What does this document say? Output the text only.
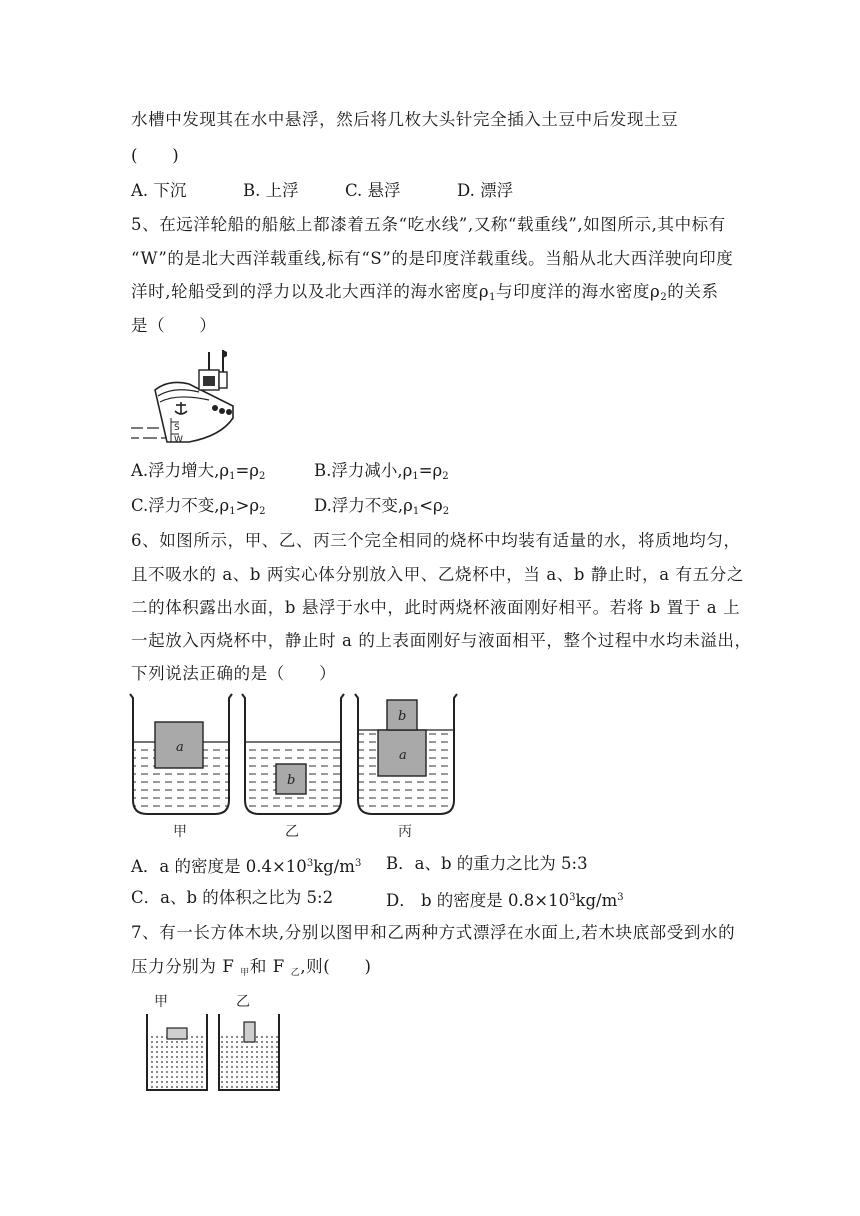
水槽中发现其在水中悬浮，然后将几枚大头针完全插入土豆中后发现土豆
(　　)
A. 下沉	B. 上浮	C. 悬浮	D. 漂浮
5、在远洋轮船的船舷上都漆着五条“吃水线”,又称“载重线”,如图所示,其中标有
“W”的是北大西洋载重线,标有“S”的是印度洋载重线。当船从北大西洋驶向印度
洋时,轮船受到的浮力以及北大西洋的海水密度$\rho_1$与印度洋的海水密度$\rho_2$的关系
是（　　）
S
W
A.浮力增大$,\rho_1=\rho_2$	B.浮力减小$,\rho_1=\rho_2$
C.浮力不变$,\rho_1>\rho_2$	D.浮力不变$,\rho_1<\rho_2$
6、如图所示，甲、乙、丙三个完全相同的烧杯中均装有适量的水，将质地均匀，
且不吸水的 a、b 两实心体分别放入甲、乙烧杯中，当 a、b 静止时，a 有五分之
二的体积露出水面，b 悬浮于水中，此时两烧杯液面刚好相平。若将 b 置于 a 上
一起放入丙烧杯中，静止时 a 的上表面刚好与液面相平，整个过程中水均未溢出，
下列说法正确的是（　　）
a
b
a
b
甲	乙	丙
A．a 的密度是 $0.4\times 10^3kg/m^3$ B．a、b 的重力之比为 5:3
C．a、b 的体积之比为 5:2	D． b 的密度是 $0.8\times 10^3kg/m^3$
7、有一长方体木块,分别以图甲和乙两种方式漂浮在水面上,若木块底部受到水的
压力分别为 F $_甲$和 F $_乙$,则(　　)
甲	乙
